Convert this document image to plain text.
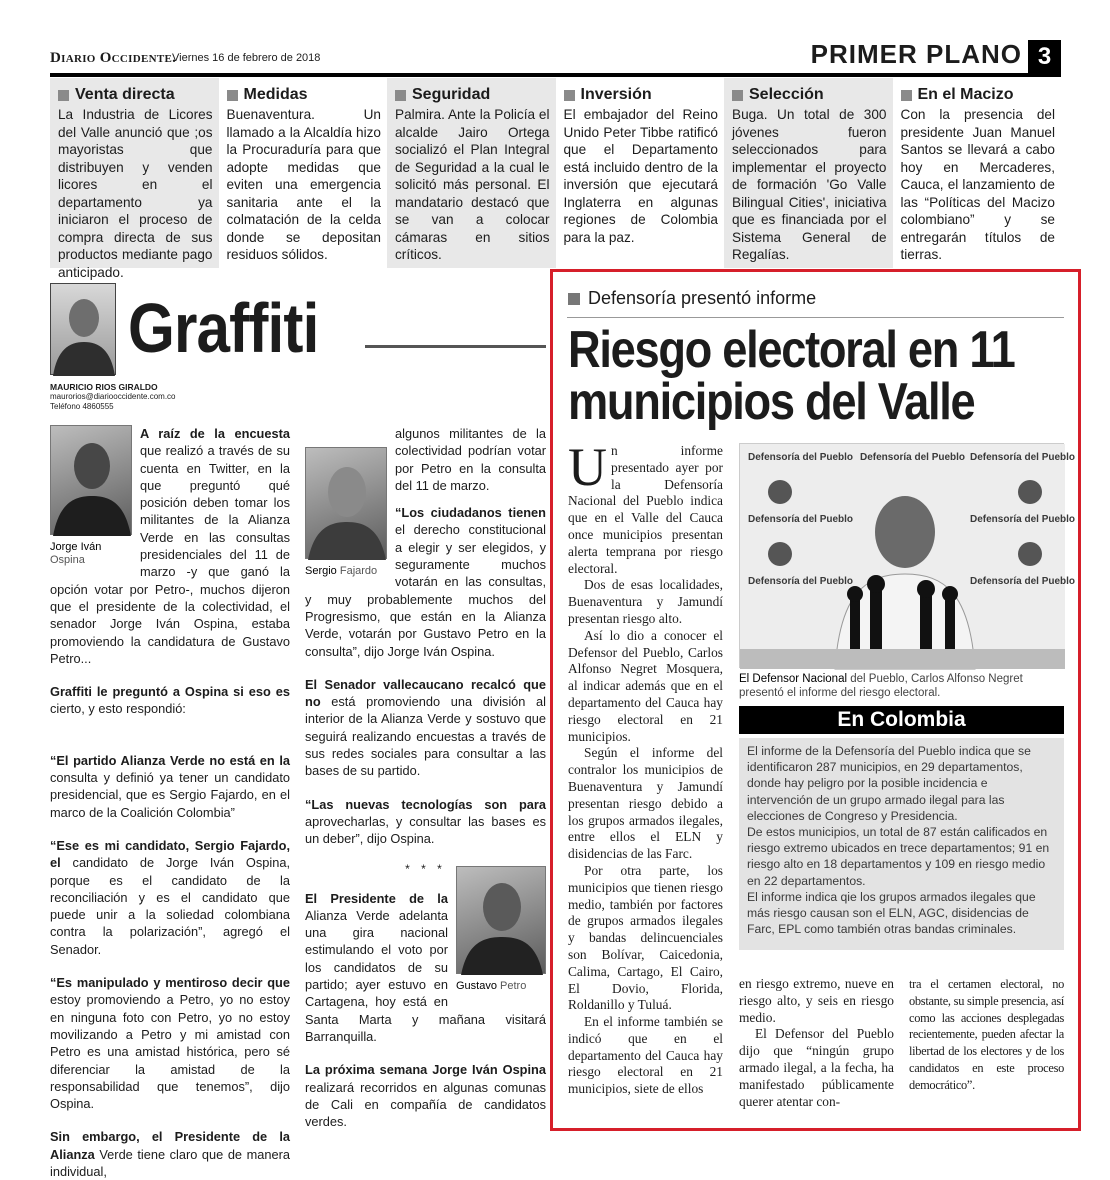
Diario Occidente.
Viernes 16 de febrero de 2018	PRIMER PLANO 3
Venta directa
La Industria de Licores del Valle anunció que ;os mayoristas que distribuyen y venden licores en el departamento ya iniciaron el proceso de compra directa de sus productos mediante pago anticipado.
Medidas
Buenaventura. Un llamado a la Alcaldía hizo la Procuraduría para que adopte medidas que eviten una emergencia sanitaria ante el la colmatación de la celda donde se depositan residuos sólidos.
Seguridad
Palmira. Ante la Policía el alcalde Jairo Ortega socializó el Plan Integral de Seguridad a la cual le solicitó más personal. El mandatario destacó que se van a colocar cámaras en sitios críticos.
Inversión
El embajador del Reino Unido Peter Tibbe ratificó que el Departamento está incluido dentro de la inversión que ejecutará Inglaterra en algunas regiones de Colombia para la paz.
Selección
Buga. Un total de 300 jóvenes fueron seleccionados para implementar el proyecto de formación 'Go Valle Bilingual Cities', iniciativa que es financiada por el Sistema General de Regalías.
En el Macizo
Con la presencia del presidente Juan Manuel Santos se llevará a cabo hoy en Mercaderes, Cauca, el lanzamiento de las “Políticas del Macizo colombiano” y se entregarán títulos de tierras.
Graffiti
MAURICIO RIOS GIRALDO
maurorios@diariooccidente.com.co
Teléfono 4860555

Jorge Iván
Ospina
A raíz de la encuesta que realizó a través de su cuenta en Twitter, en la que preguntó qué posición deben tomar los militantes de la Alianza Verde en las consultas presidenciales del 11 de marzo -y que ganó la opción votar por Petro-, muchos dijeron que el presidente de la colectividad, el senador Jorge Iván Ospina, estaba promoviendo la candidatura de Gustavo Petro...

Graffiti le preguntó a Ospina si eso es cierto, y esto respondió:

“El partido Alianza Verde no está en la consulta y definió ya tener un candidato presidencial, que es Sergio Fajardo, en el marco de la Coalición Colombia”

“Ese es mi candidato, Sergio Fajardo, el candidato de Jorge Iván Ospina, porque es el candidato de la reconciliación y es el candidato que puede unir a la soliedad colombiana contra la polarización”, agregó el Senador.

“Es manipulado y mentiroso decir que estoy promoviendo a Petro, yo no estoy en ninguna foto con Petro, yo no estoy movilizando a Petro y mi amistad con Petro es una amistad histórica, pero sé diferenciar la amistad de la responsabilidad que tenemos”, dijo Ospina.

Sin embargo, el Presidente de la Alianza Verde tiene claro que de manera individual,

Sergio Fajardo
algunos militantes de la colectividad podrían votar por Petro en la consulta del 11 de marzo.

“Los ciudadanos tienen el derecho constitucional a elegir y ser elegidos, y seguramente muchos votarán en las consultas, y muy probablemente muchos del Progresismo, que están en la Alianza Verde, votarán por Gustavo Petro en la consulta”, dijo Jorge Iván Ospina.

El Senador vallecaucano recalcó que no está promoviendo una división al interior de la Alianza Verde y sostuvo que seguirá realizando encuestas a través de sus redes sociales para consultar a las bases de su partido.

“Las nuevas tecnologías son para aprovecharlas, y consultar las bases es un deber”, dijo Ospina.

* * *
Gustavo Petro
El Presidente de la Alianza Verde adelanta una gira nacional estimulando el voto por los candidatos de su partido; ayer estuvo en Cartagena, hoy está en Santa Marta y mañana visitará Barranquilla.

La próxima semana Jorge Iván Ospina realizará recorridos en algunas comunas de Cali en compañía de candidatos verdes.

Defensoría presentó informe
Riesgo electoral en 11
municipios del Valle

Un informe presentado ayer por la Defensoría Nacional del Pueblo indica que en el Valle del Cauca once municipios presentan alerta temprana por riesgo electoral.

Dos de esas localidades, Buenaventura y Jamundí presentan riesgo alto.

Así lo dio a conocer el Defensor del Pueblo, Carlos Alfonso Negret Mosquera, al indicar además que en el departamento del Cauca hay riesgo electoral en 21 municipios.

Según el informe del contralor los municipios de Buenaventura y Jamundí presentan riesgo debido a los grupos armados ilegales, entre ellos el ELN y disidencias de las Farc.

Por otra parte, los municipios que tienen riesgo medio, también por factores de grupos armados ilegales y bandas delincuenciales son Bolívar, Caicedonia, Calima, Cartago, El Cairo, El Dovio, Florida, Roldanillo y Tuluá.

En el informe también se indicó que en el departamento del Cauca hay riesgo electoral en 21 municipios, siete de ellos

Defensoría del Pueblo Defensoría del Pueblo Defensoría del Pueblo
Defensoría del Pueblo	Defensoría del Pueblo
Defensoría del Pueblo	Defensoría del Pueblo
El Defensor Nacional del Pueblo, Carlos Alfonso Negret presentó el informe del riesgo electoral.
En Colombia

El informe de la Defensoría del Pueblo indica que se identificaron 287 municipios, en 29 departamentos, donde hay peligro por la posible incidencia e intervención de un grupo armado ilegal para las elecciones de Congreso y Presidencia.

De estos municipios, un total de 87 están calificados en riesgo extremo ubicados en trece departamentos; 91 en riesgo alto en 18 departamentos y 109 en riesgo medio en 22 departamentos.

El informe indica qie los grupos armados ilegales que más riesgo causan son el ELN, AGC, disidencias de Farc, EPL como también otras bandas criminales.

en riesgo extremo, nueve en riesgo alto, y seis en riesgo medio.

El Defensor del Pueblo dijo que “ningún grupo armado ilegal, a la fecha, ha manifestado públicamente querer atentar con-

tra el certamen electoral, no obstante, su simple presencia, así como las acciones desplegadas recientemente, pueden afectar la libertad de los electores y de los candidatos en este proceso democrático”.
